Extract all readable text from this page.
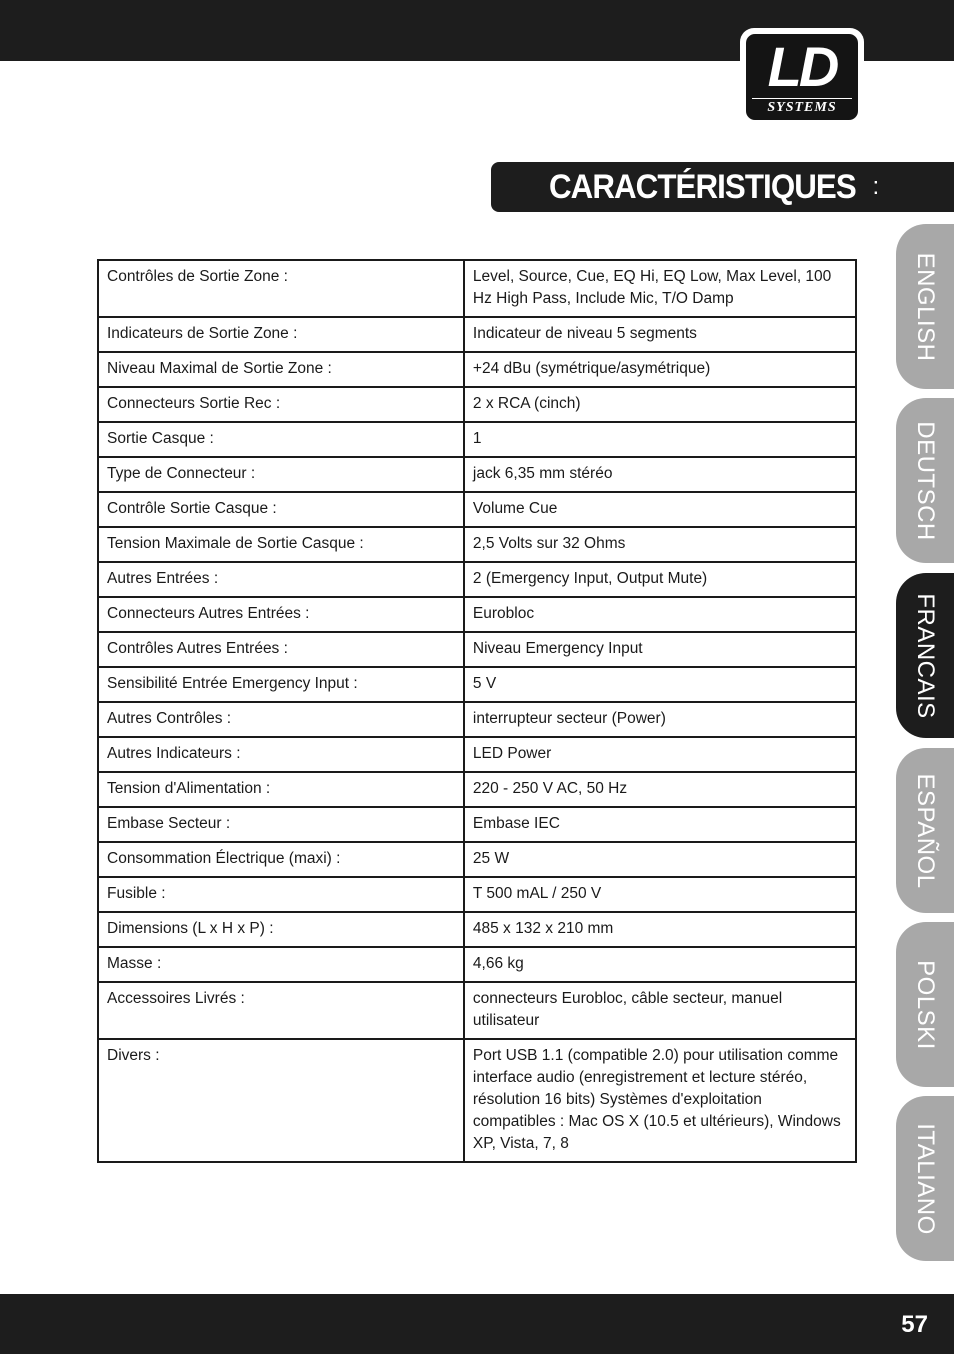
LD
SYSTEMS
CARACTÉRISTIQUES :
Contrôles de Sortie Zone :	Level, Source, Cue, EQ Hi, EQ Low, Max Level, 100 Hz High Pass, Include Mic, T/O Damp
Indicateurs de Sortie Zone :	Indicateur de niveau 5 segments
Niveau Maximal de Sortie Zone :	+24 dBu (symétrique/asymétrique)
Connecteurs Sortie Rec :	2 x RCA (cinch)
Sortie Casque :	1
Type de Connecteur :	jack 6,35 mm stéréo
Contrôle Sortie Casque :	Volume Cue
Tension Maximale de Sortie Casque :	2,5 Volts sur 32 Ohms
Autres Entrées :	2 (Emergency Input, Output Mute)
Connecteurs Autres Entrées :	Eurobloc
Contrôles Autres Entrées :	Niveau Emergency Input
Sensibilité Entrée Emergency Input :	5 V
Autres Contrôles :	interrupteur secteur (Power)
Autres Indicateurs :	LED Power
Tension d'Alimentation :	220 - 250 V AC, 50 Hz
Embase Secteur :	Embase IEC
Consommation Électrique (maxi) :	25 W
Fusible :	T 500 mAL / 250 V
Dimensions (L x H x P) :	485 x 132 x 210 mm
Masse :	4,66 kg
Accessoires Livrés :	connecteurs Eurobloc, câble secteur, manuel utilisateur
Divers :	Port USB 1.1 (compatible 2.0) pour utilisation comme interface audio (enregistrement et lecture stéréo, résolution 16 bits) Systèmes d'exploitation compatibles : Mac OS X (10.5 et ultérieurs), Windows XP, Vista, 7, 8
ENGLISH
DEUTSCH
FRANCAIS
ESPAÑOL
POLSKI
ITALIANO
57
